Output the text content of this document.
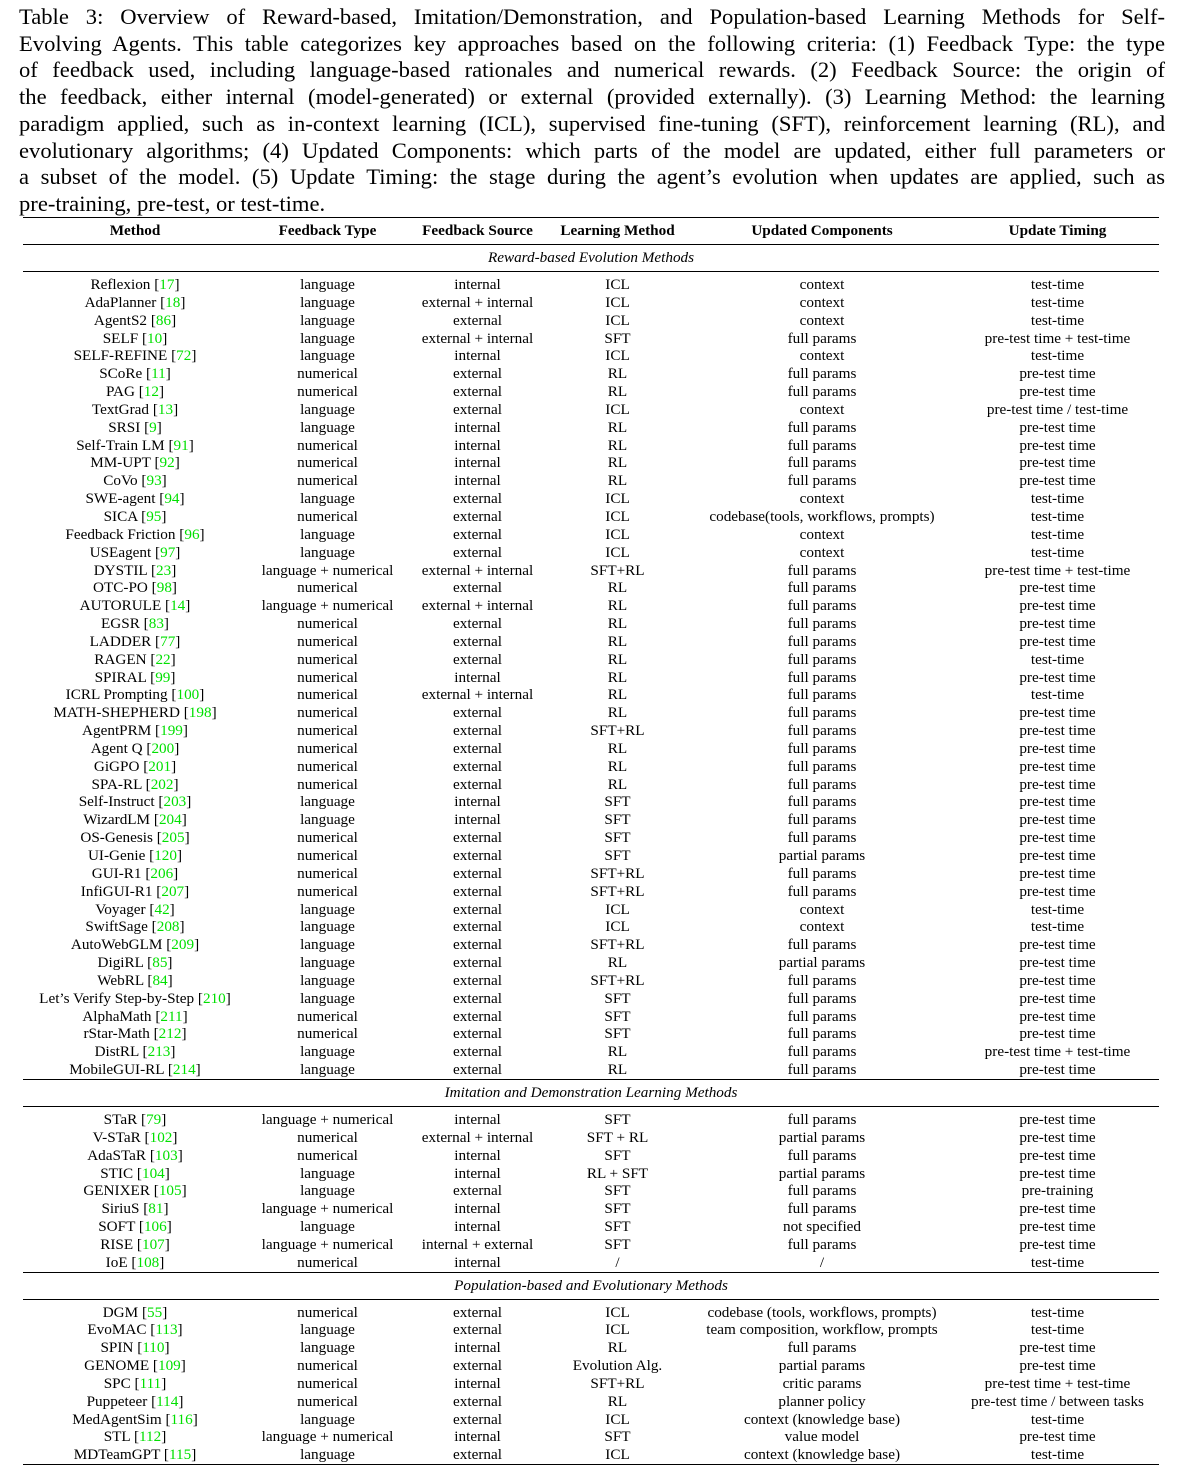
Table 3: Overview of Reward-based, Imitation/Demonstration, and Population-based Learning Methods for Self-
Evolving Agents. This table categorizes key approaches based on the following criteria: (1) Feedback Type: the type
of feedback used, including language-based rationales and numerical rewards. (2) Feedback Source: the origin of
the feedback, either internal (model-generated) or external (provided externally). (3) Learning Method: the learning
paradigm applied, such as in-context learning (ICL), supervised fine-tuning (SFT), reinforcement learning (RL), and
evolutionary algorithms; (4) Updated Components: which parts of the model are updated, either full parameters or
a subset of the model. (5) Update Timing: the stage during the agent’s evolution when updates are applied, such as
pre-training, pre-test, or test-time.
Method	Feedback Type	Feedback Source	Learning Method	Updated Components	Update Timing
Reward-based Evolution Methods					

Reflexion [17]	language	internal	ICL	context	test-time
AdaPlanner [18]	language	external + internal	ICL	context	test-time
AgentS2 [86]	language	external	ICL	context	test-time
SELF [10]	language	external + internal	SFT	full params	pre-test time + test-time
SELF-REFINE [72]	language	internal	ICL	context	test-time
SCoRe [11]	numerical	external	RL	full params	pre-test time
PAG [12]	numerical	external	RL	full params	pre-test time
TextGrad [13]	language	external	ICL	context	pre-test time / test-time
SRSI [9]	language	internal	RL	full params	pre-test time
Self-Train LM [91]	numerical	internal	RL	full params	pre-test time
MM-UPT [92]	numerical	internal	RL	full params	pre-test time
CoVo [93]	numerical	internal	RL	full params	pre-test time
SWE-agent [94]	language	external	ICL	context	test-time
SICA [95]	numerical	external	ICL	codebase(tools, workflows, prompts)	test-time
Feedback Friction [96]	language	external	ICL	context	test-time
USEagent [97]	language	external	ICL	context	test-time
DYSTIL [23]	language + numerical	external + internal	SFT+RL	full params	pre-test time + test-time
OTC-PO [98]	numerical	external	RL	full params	pre-test time
AUTORULE [14]	language + numerical	external + internal	RL	full params	pre-test time
EGSR [83]	numerical	external	RL	full params	pre-test time
LADDER [77]	numerical	external	RL	full params	pre-test time
RAGEN [22]	numerical	external	RL	full params	test-time
SPIRAL [99]	numerical	internal	RL	full params	pre-test time
ICRL Prompting [100]	numerical	external + internal	RL	full params	test-time
MATH-SHEPHERD [198]	numerical	external	RL	full params	pre-test time
AgentPRM [199]	numerical	external	SFT+RL	full params	pre-test time
Agent Q [200]	numerical	external	RL	full params	pre-test time
GiGPO [201]	numerical	external	RL	full params	pre-test time
SPA-RL [202]	numerical	external	RL	full params	pre-test time
Self-Instruct [203]	language	internal	SFT	full params	pre-test time
WizardLM [204]	language	internal	SFT	full params	pre-test time
OS-Genesis [205]	numerical	external	SFT	full params	pre-test time
UI-Genie [120]	numerical	external	SFT	partial params	pre-test time
GUI-R1 [206]	numerical	external	SFT+RL	full params	pre-test time
InfiGUI-R1 [207]	numerical	external	SFT+RL	full params	pre-test time
Voyager [42]	language	external	ICL	context	test-time
SwiftSage [208]	language	external	ICL	context	test-time
AutoWebGLM [209]	language	external	SFT+RL	full params	pre-test time
DigiRL [85]	language	external	RL	partial params	pre-test time
WebRL [84]	language	external	SFT+RL	full params	pre-test time
Let’s Verify Step-by-Step [210]	language	external	SFT	full params	pre-test time
AlphaMath [211]	numerical	external	SFT	full params	pre-test time
rStar-Math [212]	numerical	external	SFT	full params	pre-test time
DistRL [213]	language	external	RL	full params	pre-test time + test-time
MobileGUI-RL [214]	language	external	RL	full params	pre-test time
Imitation and Demonstration Learning Methods					

STaR [79]	language + numerical	internal	SFT	full params	pre-test time
V-STaR [102]	numerical	external + internal	SFT + RL	partial params	pre-test time
AdaSTaR [103]	numerical	internal	SFT	full params	pre-test time
STIC [104]	language	internal	RL + SFT	partial params	pre-test time
GENIXER [105]	language	external	SFT	full params	pre-training
SiriuS [81]	language + numerical	internal	SFT	full params	pre-test time
SOFT [106]	language	internal	SFT	not specified	pre-test time
RISE [107]	language + numerical	internal + external	SFT	full params	pre-test time
IoE [108]	numerical	internal	/	/	test-time
Population-based and Evolutionary Methods					

DGM [55]	numerical	external	ICL	codebase (tools, workflows, prompts)	test-time
EvoMAC [113]	language	external	ICL	team composition, workflow, prompts	test-time
SPIN [110]	language	internal	RL	full params	pre-test time
GENOME [109]	numerical	external	Evolution Alg.	partial params	pre-test time
SPC [111]	numerical	internal	SFT+RL	critic params	pre-test time + test-time
Puppeteer [114]	numerical	external	RL	planner policy	pre-test time / between tasks
MedAgentSim [116]	language	external	ICL	context (knowledge base)	test-time
STL [112]	language + numerical	internal	SFT	value model	pre-test time
MDTeamGPT [115]	language	external	ICL	context (knowledge base)	test-time
